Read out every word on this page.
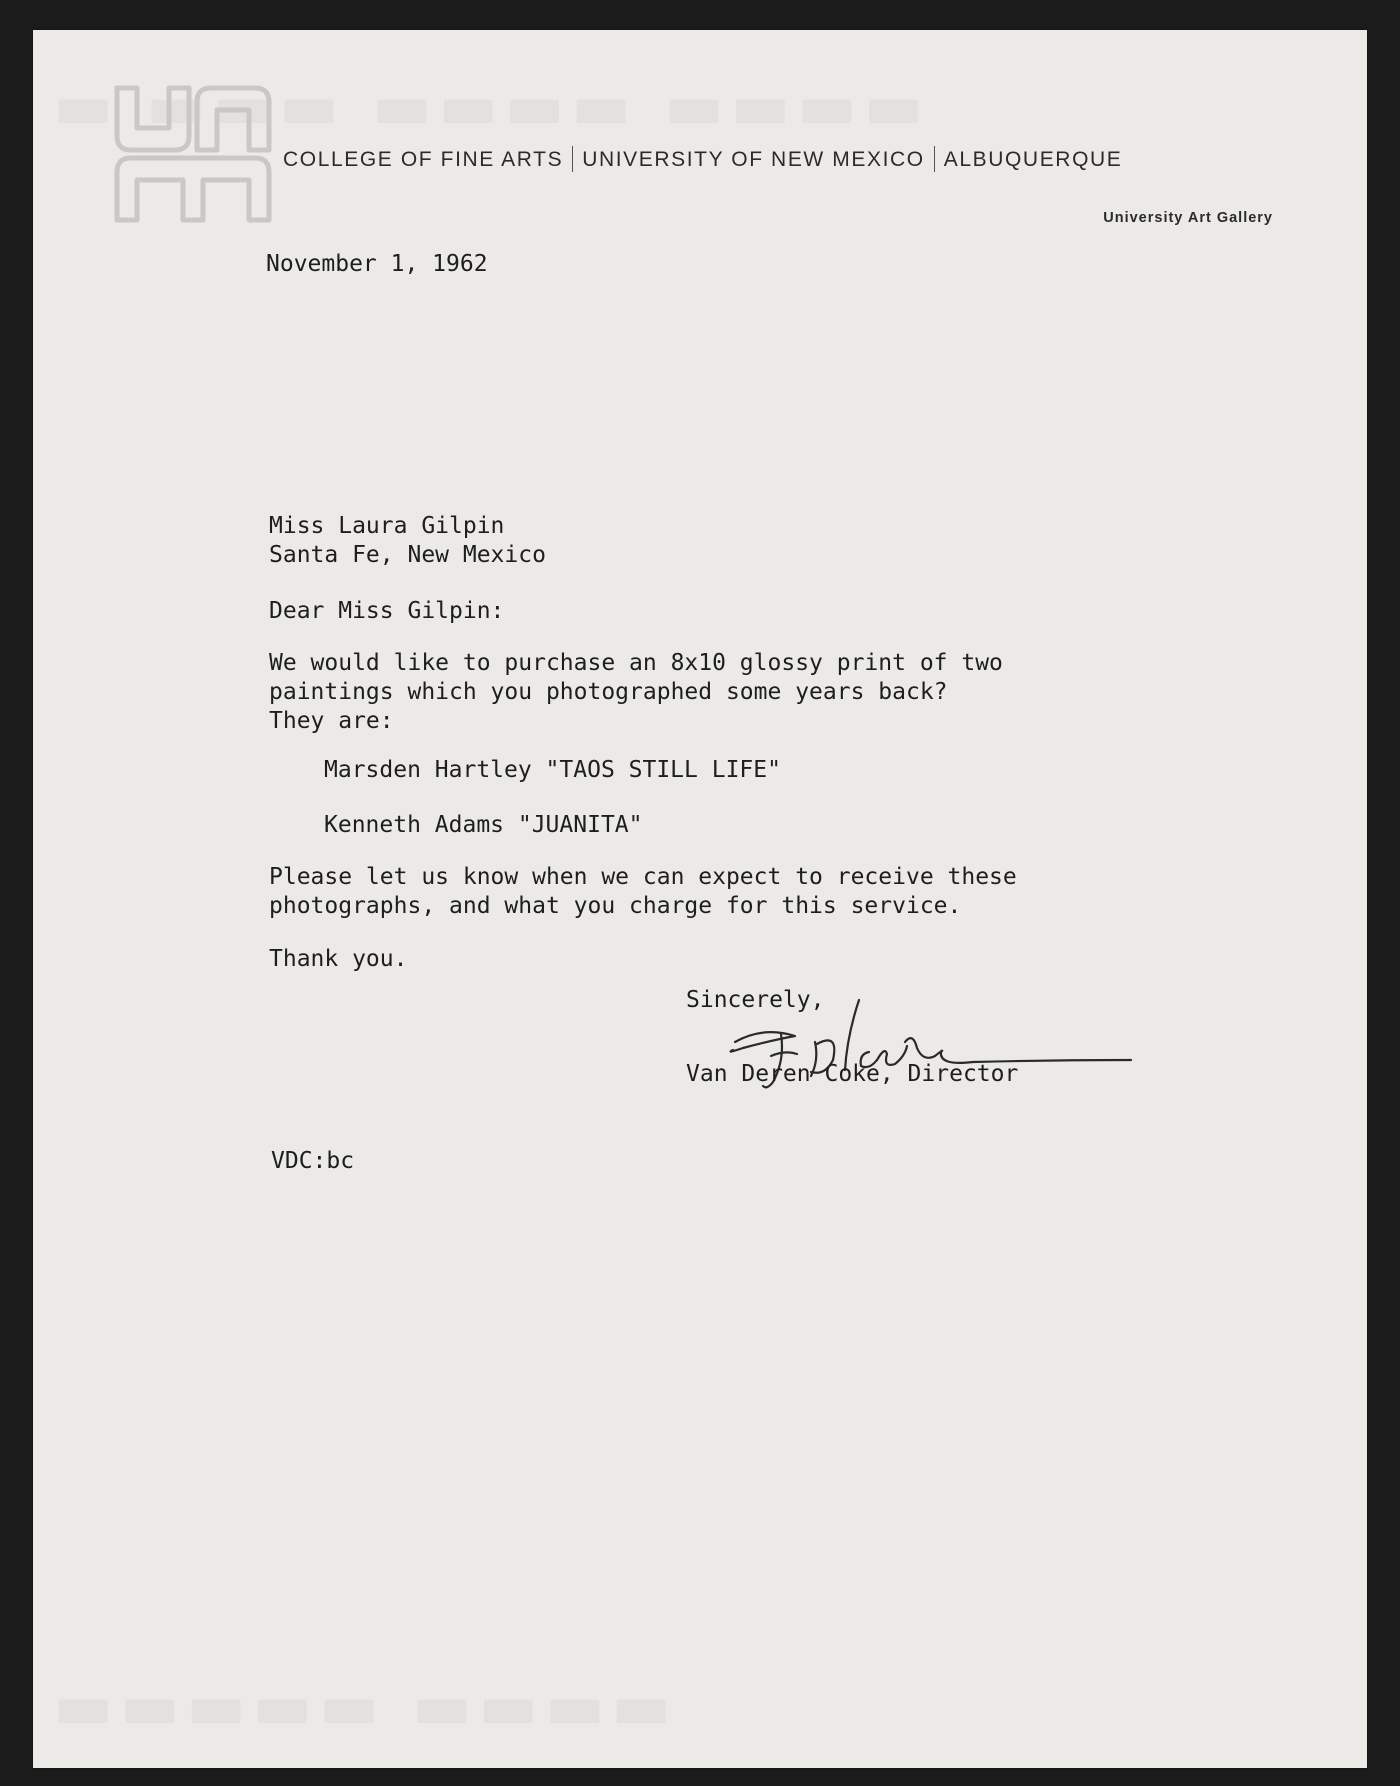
COLLEGE OF FINE ARTS UNIVERSITY OF NEW MEXICO ALBUQUERQUE
University Art Gallery
November 1, 1962
Miss Laura Gilpin
Santa Fe, New Mexico
Dear Miss Gilpin:
We would like to purchase an 8x10 glossy print of two
paintings which you photographed some years back?
They are:
Marsden Hartley "TAOS STILL LIFE"
Kenneth Adams "JUANITA"
Please let us know when we can expect to receive these
photographs, and what you charge for this service.
Thank you.
Sincerely,
Van Deren Coke, Director
VDC:bc
